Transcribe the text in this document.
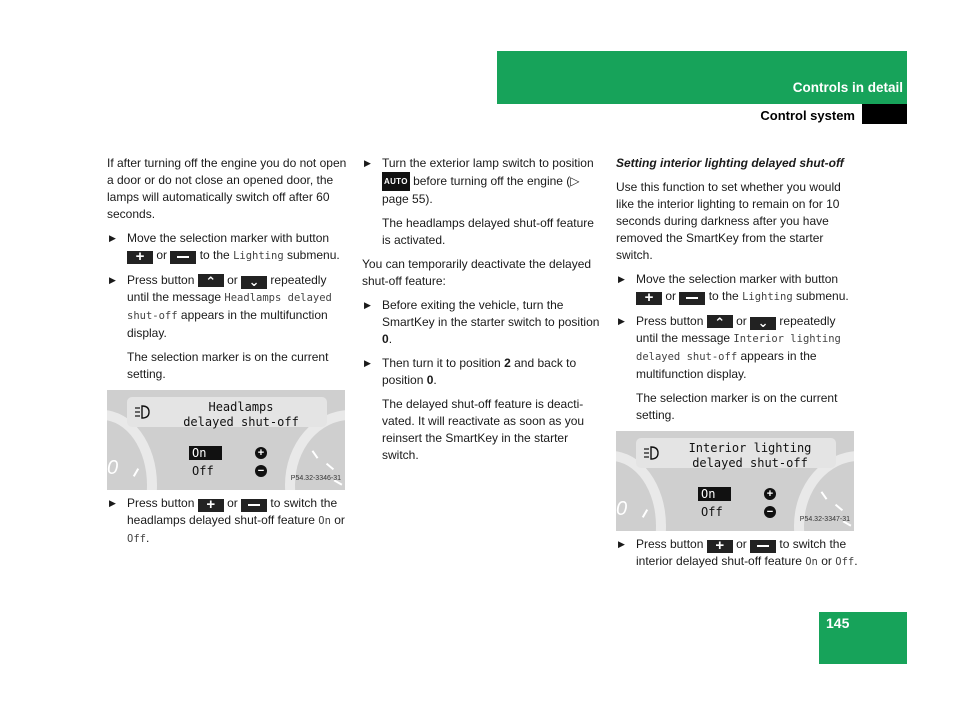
Controls in detail
Control system

If after turning off the engine you do not open a door or do not close an opened door, the lamps will automatically switch off after 60 seconds.

▶ Move the selection marker with button + or	to the Lighting submenu.
▶ Press button ⌃	or ⌄	repeatedly until the message Headlamps delayed shut-off appears in the multifunction display.

The selection marker is on the current setting.

0
Headlamps
delayed shut-off
On
Off
+
−
P54.32-3346-31
▶ Press button +	or	to switch the headlamps delayed shut-off feature On or Off.
▶ Turn the exterior lamp switch to position AUTO before turning off the engine (▷ page 55).

The headlamps delayed shut-off feature is activated.

You can temporarily deactivate the delayed shut-off feature:

▶ Before exiting the vehicle, turn the SmartKey in the starter switch to position 0.
▶ Then turn it to position 2 and back to position 0.

The delayed shut-off feature is deacti-vated. It will reactivate as soon as you reinsert the SmartKey in the starter switch.

Setting interior lighting delayed shut-off

Use this function to set whether you would like the interior lighting to remain on for 10 seconds during darkness after you have removed the SmartKey from the starter switch.

▶ Move the selection marker with button + or	to the Lighting submenu.
▶ Press button ⌃	or ⌄	repeatedly until the message Interior lighting delayed shut-off appears in the multifunction display.

The selection marker is on the current setting.

0
Interior lighting
delayed shut-off
On
Off
+
−
P54.32-3347-31
▶ Press button +	or	to switch the interior delayed shut-off feature On or Off.
145
